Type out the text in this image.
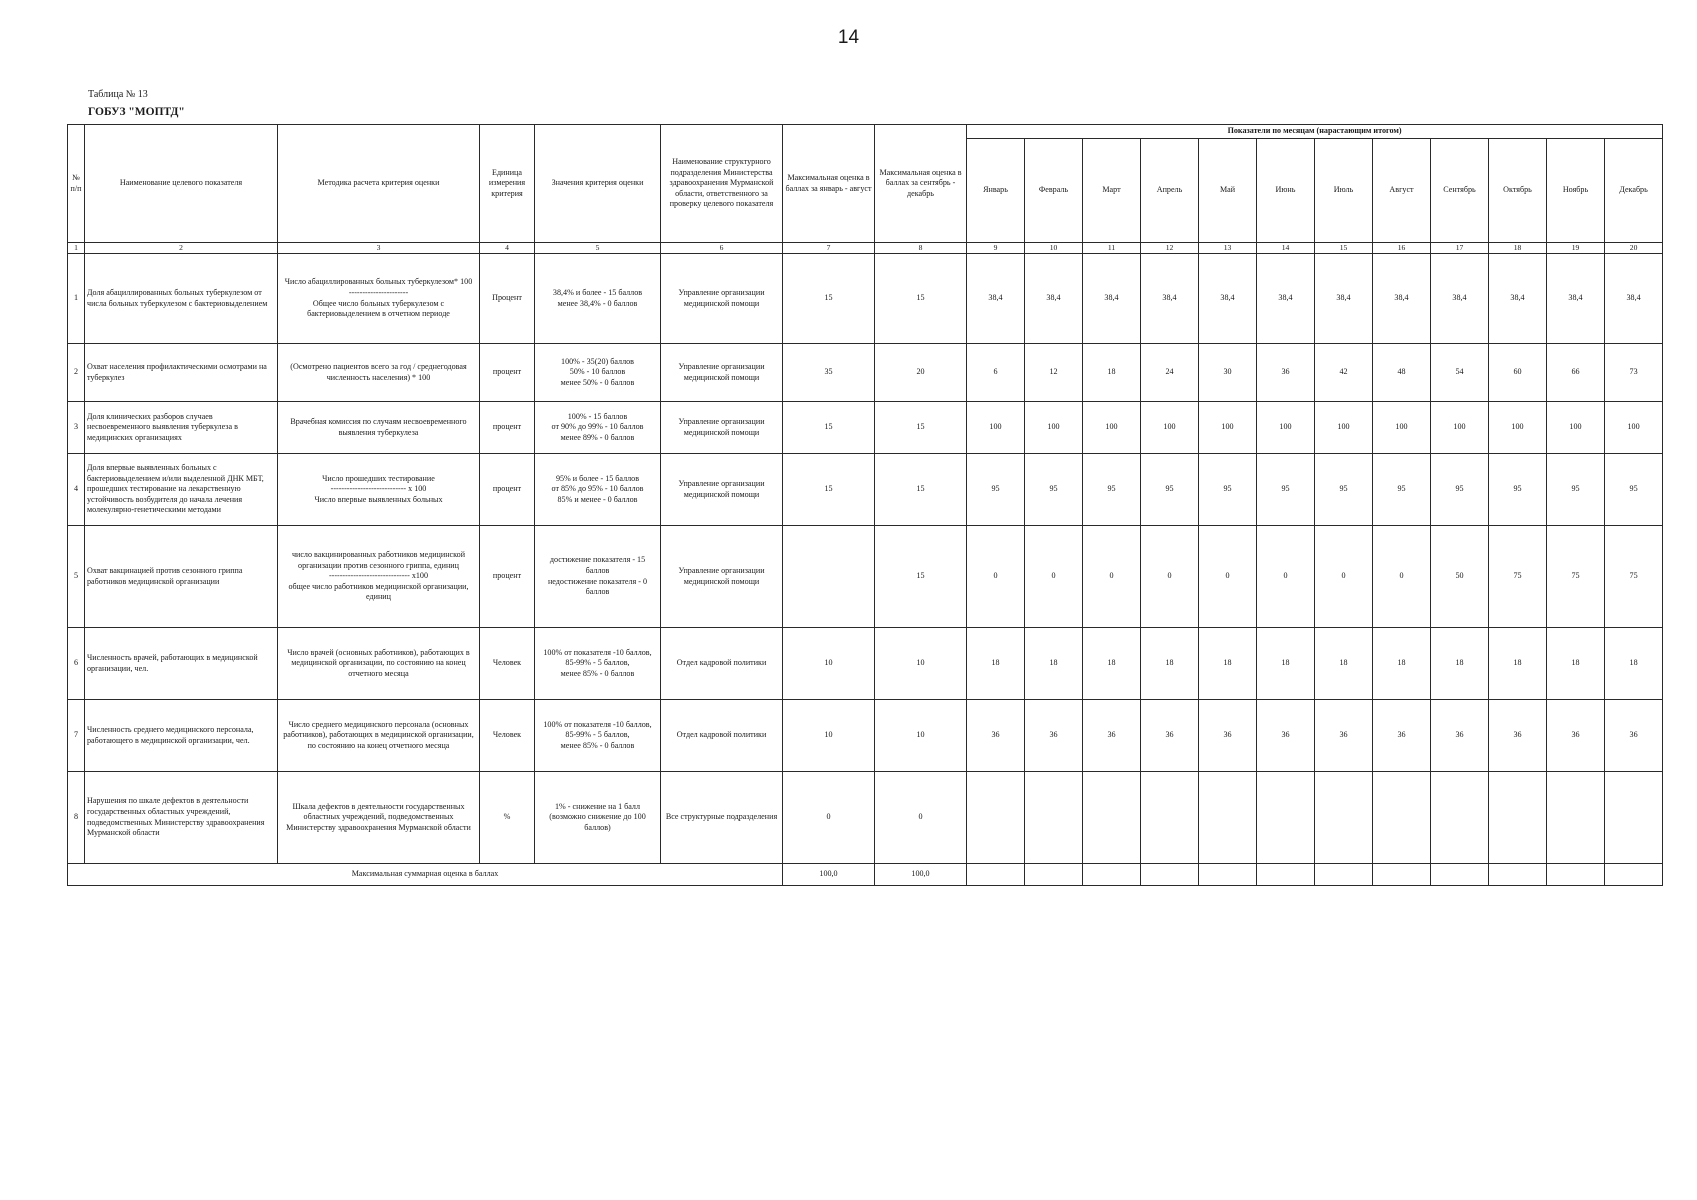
14
Таблица № 13
ГОБУЗ "МОПТД"
№ п/п	Наименование целевого показателя	Методика расчета критерия оценки	Единица измерения критерия	Значения критерия оценки	Наименование структурного подразделения Министерства здравоохранения Мурманской области, ответственного за проверку целевого показателя	Максимальная оценка в баллах за январь - август	Максимальная оценка в баллах за сентябрь - декабрь	Показатели по месяцам (нарастающим итогом)											
								Январь	Февраль	Март	Апрель	Май	Июнь	Июль	Август	Сентябрь	Октябрь	Ноябрь	Декабрь
1	2	3	4	5	6	7	8	9	10	11	12	13	14	15	16	17	18	19	20
1	Доля абациллированных больных туберкулезом от числа больных туберкулезом с бактериовыделением	Число абациллированных больных туберкулезом* 100
----------------------
Общее число больных туберкулезом с бактериовыделением в отчетном периоде	Процент	38,4% и более - 15 баллов
менее 38,4% - 0 баллов	Управление организации медицинской помощи	15	15	38,4	38,4	38,4	38,4	38,4	38,4	38,4	38,4	38,4	38,4	38,4	38,4
2	Охват населения профилактическими осмотрами на туберкулез	(Осмотрено пациентов всего за год / среднегодовая численность населения) * 100	процент	100% - 35(20) баллов
50% - 10 баллов
менее 50% - 0 баллов	Управление организации медицинской помощи	35	20	6	12	18	24	30	36	42	48	54	60	66	73
3	Доля клинических разборов случаев несвоевременного выявления туберкулеза в медицинских организациях	Врачебная комиссия по случаям несвоевременного выявления туберкулеза	процент	100% - 15 баллов
от 90% до 99% - 10 баллов
менее 89% - 0 баллов	Управление организации медицинской помощи	15	15	100	100	100	100	100	100	100	100	100	100	100	100
4	Доля впервые выявленных больных с бактериовыделением и/или выделенной ДНК МБТ, прошедших тестирование на лекарственную устойчивость возбудителя до начала лечения молекулярно-генетическими методами	Число прошедших тестирование
---------------------------- х 100
Число впервые выявленных больных	процент	95% и более - 15 баллов
от 85% до 95% - 10 баллов
85% и менее - 0 баллов	Управление организации медицинской помощи	15	15	95	95	95	95	95	95	95	95	95	95	95	95
5	Охват вакцинацией против сезонного гриппа работников медицинской организации	число вакцинированных работников медицинской организации против сезонного гриппа, единиц
------------------------------ х100
общее число работников медицинской организации, единиц	процент	достижение показателя - 15 баллов
недостижение показателя - 0 баллов	Управление организации медицинской помощи		15	0	0	0	0	0	0	0	0	50	75	75	75
6	Численность врачей, работающих в медицинской организации, чел.	Число врачей (основных работников), работающих в медицинской организации, по состоянию на конец отчетного месяца	Человек	100% от показателя -10 баллов,
85-99% - 5 баллов,
менее 85% - 0 баллов	Отдел кадровой политики	10	10	18	18	18	18	18	18	18	18	18	18	18	18
7	Численность среднего медицинского персонала, работающего в медицинской организации, чел.	Число среднего медицинского персонала (основных работников), работающих в медицинской организации, по состоянию на конец отчетного месяца	Человек	100% от показателя -10 баллов,
85-99% - 5 баллов,
менее 85% - 0 баллов	Отдел кадровой политики	10	10	36	36	36	36	36	36	36	36	36	36	36	36
8	Нарушения по шкале дефектов в деятельности государственных областных учреждений, подведомственных Министерству здравоохранения Мурманской области	Шкала дефектов в деятельности государственных областных учреждений, подведомственных Министерству здравоохранения Мурманской области	%	1% - снижение на 1 балл (возможно снижение до 100 баллов)	Все структурные подразделения	0	0												
Максимальная суммарная оценка в баллах						100,0	100,0												
